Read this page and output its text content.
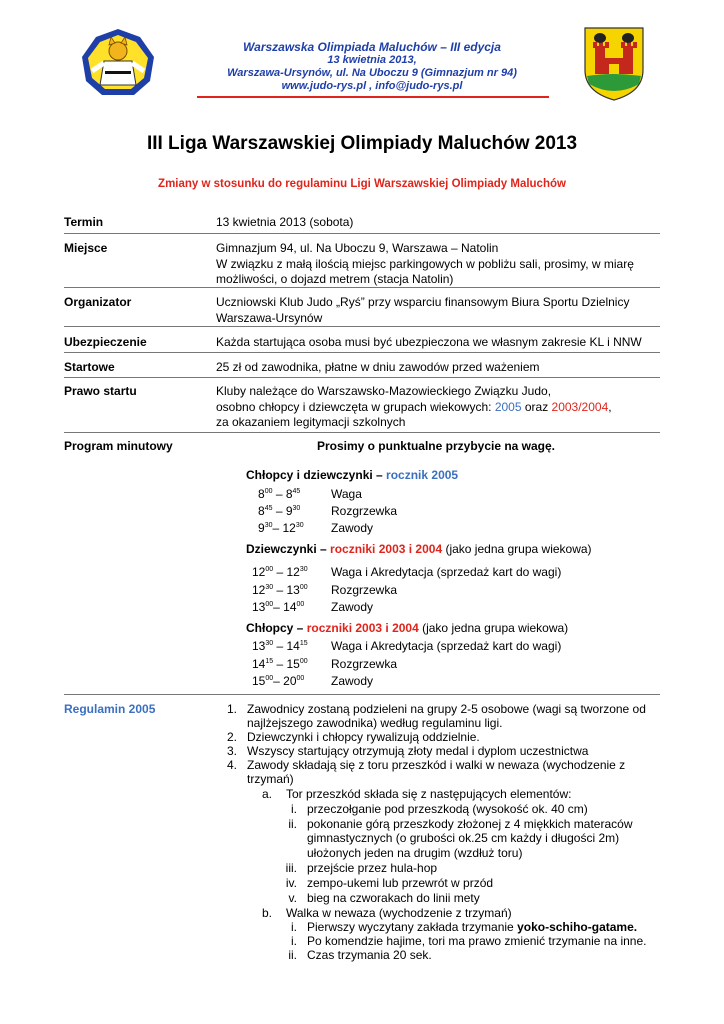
Warszawska Olimpiada Maluchów – III edycja
13 kwietnia 2013,
Warszawa-Ursynów, ul. Na Uboczu 9 (Gimnazjum nr 94)
www.judo-rys.pl , info@judo-rys.pl
III Liga Warszawskiej Olimpiady Maluchów 2013
Zmiany w stosunku do regulaminu Ligi Warszawskiej Olimpiady Maluchów
Termin	13 kwietnia 2013 (sobota)
Miejsce	Gimnazjum 94, ul. Na Uboczu 9, Warszawa – Natolin
W związku z małą ilością miejsc parkingowych w pobliżu sali, prosimy, w miarę
możliwości, o dojazd metrem (stacja Natolin)
Organizator	Uczniowski Klub Judo „Ryś” przy wsparciu finansowym Biura Sportu Dzielnicy
Warszawa-Ursynów
Ubezpieczenie	Każda startująca osoba musi być ubezpieczona we własnym zakresie KL i NNW
Startowe	25 zł od zawodnika, płatne w dniu zawodów przed ważeniem
Prawo startu	Kluby należące do Warszawsko-Mazowieckiego Związku Judo,
osobno chłopcy i dziewczęta w grupach wiekowych: 2005 oraz 2003/2004,
za okazaniem legitymacji szkolnych
Program minutowy	Prosimy o punktualne przybycie na wagę.
Chłopcy i dziewczynki – rocznik 2005
$8^{00} - 8^{45}$	Waga
$8^{45} - 9^{30}$	Rozgrzewka
$9^{30}-$ $12^{30}$ Zawody
Dziewczynki – roczniki 2003 i 2004 (jako jedna grupa wiekowa)
$12^{00} - 12^{30}$ Waga i Akredytacja (sprzedaż kart do wagi)
$12^{30} - 13^{00}$ Rozgrzewka
$13^{00}-$ $14^{00}$ Zawody
Chłopcy – roczniki 2003 i 2004 (jako jedna grupa wiekowa)
$13^{30} - 14^{15}$ Waga i Akredytacja (sprzedaż kart do wagi)
$14^{15} - 15^{00}$ Rozgrzewka
$15^{00}-$ $20^{00}$ Zawody
Regulamin 2005	1. Zawodnicy zostaną podzieleni na grupy 2-5 osobowe (wagi są tworzone od
najlżejszego zawodnika) według regulaminu ligi.
2. Dziewczynki i chłopcy rywalizują oddzielnie.
3. Wszyscy startujący otrzymują złoty medal i dyplom uczestnictwa
4. Zawody składają się z toru przeszkód i walki w newaza (wychodzenie z
trzymań)
a. Tor przeszkód składa się z następujących elementów:
i. przeczołganie pod przeszkodą (wysokość ok. 40 cm)
ii. pokonanie górą przeszkody złożonej z 4 miękkich materaców
gimnastycznych (o grubości ok.25 cm każdy i długości 2m)
ułożonych jeden na drugim (wzdłuż toru)
iii. przejście przez hula-hop
iv. zempo-ukemi lub przewrót w przód
v. bieg na czworakach do linii mety
b. Walka w newaza (wychodzenie z trzymań)
i. Pierwszy wyczytany zakłada trzymanie yoko-schiho-gatame.
i. Po komendzie hajime, tori ma prawo zmienić trzymanie na inne.
ii. Czas trzymania 20 sek.
